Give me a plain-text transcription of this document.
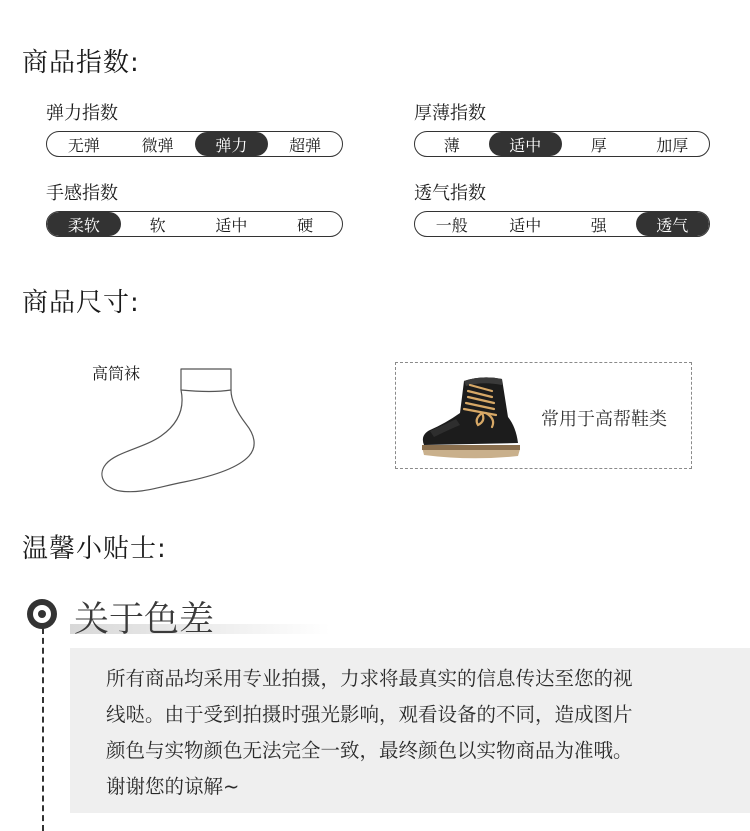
商品指数:
弹力指数
无弹	微弹	弹力	超弹
厚薄指数
薄	适中	厚	加厚
手感指数
柔软	软	适中	硬
透气指数
一般	适中	强	透气
商品尺寸:
高筒袜
常用于高帮鞋类
温馨小贴士:
关于色差
所有商品均采用专业拍摄，力求将最真实的信息传达至您的视
线哒。由于受到拍摄时强光影响，观看设备的不同，造成图片
颜色与实物颜色无法完全一致，最终颜色以实物商品为准哦。
谢谢您的谅解~
